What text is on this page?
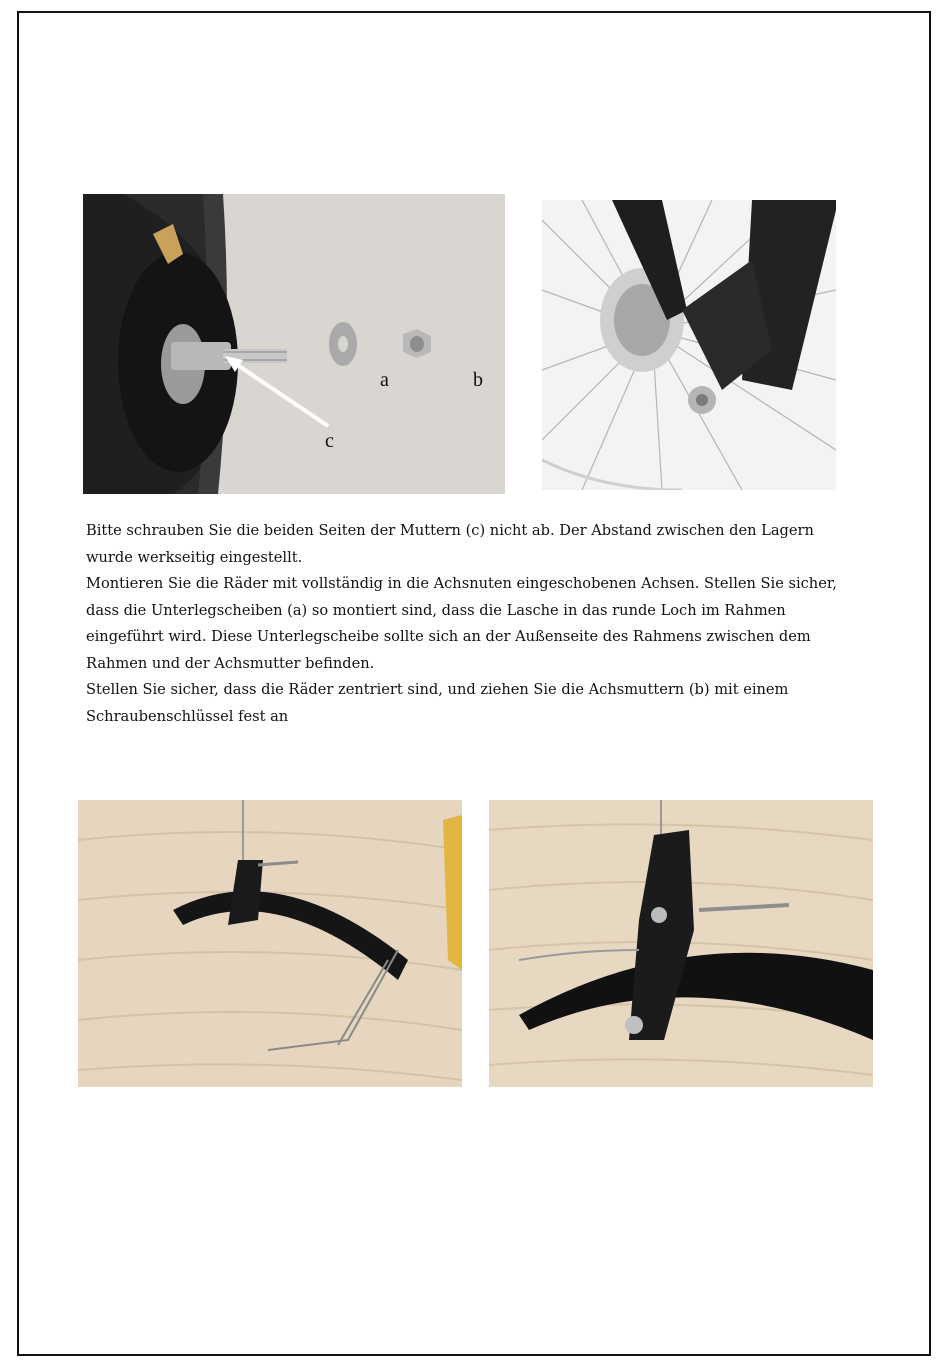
a	b
c

Bitte schrauben Sie die beiden Seiten der Muttern (c) nicht ab. Der Abstand zwischen den Lagern wurde werkseitig eingestellt.

Montieren Sie die Räder mit vollständig in die Achsnuten eingeschobenen Achsen. Stellen Sie sicher, dass die Unterlegscheiben (a) so montiert sind, dass die Lasche in das runde Loch im Rahmen eingeführt wird. Diese Unterlegscheibe sollte sich an der Außenseite des Rahmens zwischen dem Rahmen und der Achsmutter befinden.

Stellen Sie sicher, dass die Räder zentriert sind, und ziehen Sie die Achsmuttern (b) mit einem Schraubenschlüssel fest an
